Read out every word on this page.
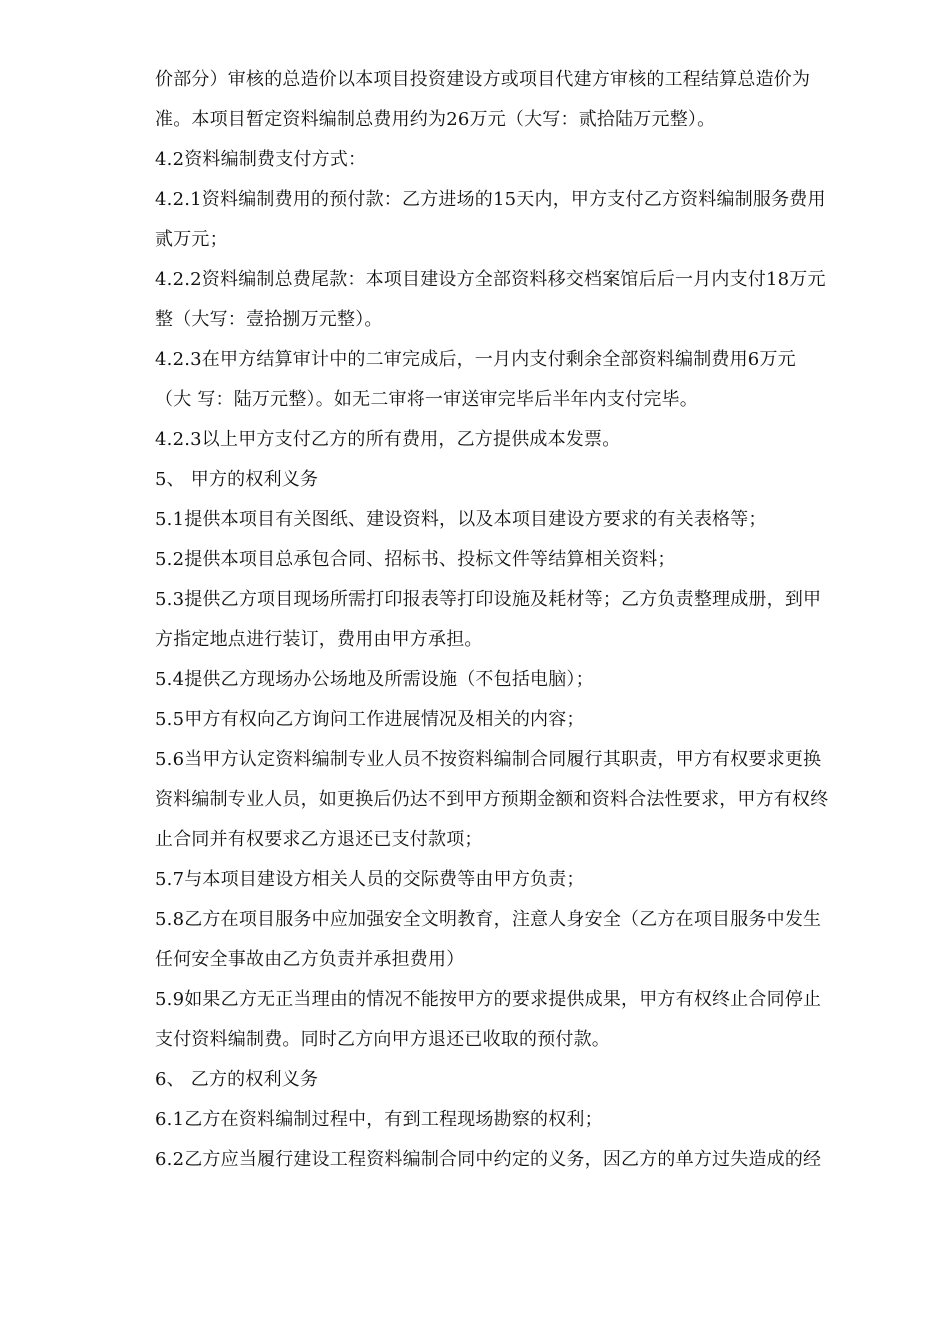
价部分）审核的总造价以本项目投资建设方或项目代建方审核的工程结算总造价为
准。本项目暂定资料编制总费用约为26万元（大写：贰拾陆万元整）。
4.2资料编制费支付方式：
4.2.1资料编制费用的预付款：乙方进场的15天内，甲方支付乙方资料编制服务费用
贰万元；
4.2.2资料编制总费尾款：本项目建设方全部资料移交档案馆后后一月内支付18万元
整（大写：壹拾捌万元整）。
4.2.3在甲方结算审计中的二审完成后，一月内支付剩余全部资料编制费用6万元
（大 写：陆万元整）。如无二审将一审送审完毕后半年内支付完毕。
4.2.3以上甲方支付乙方的所有费用，乙方提供成本发票。
5、 甲方的权利义务
5.1提供本项目有关图纸、建设资料，以及本项目建设方要求的有关表格等；
5.2提供本项目总承包合同、招标书、投标文件等结算相关资料；
5.3提供乙方项目现场所需打印报表等打印设施及耗材等；乙方负责整理成册，到甲
方指定地点进行装订，费用由甲方承担。
5.4提供乙方现场办公场地及所需设施（不包括电脑）；
5.5甲方有权向乙方询问工作进展情况及相关的内容；
5.6当甲方认定资料编制专业人员不按资料编制合同履行其职责，甲方有权要求更换
资料编制专业人员，如更换后仍达不到甲方预期金额和资料合法性要求，甲方有权终
止合同并有权要求乙方退还已支付款项；
5.7与本项目建设方相关人员的交际费等由甲方负责；
5.8乙方在项目服务中应加强安全文明教育，注意人身安全（乙方在项目服务中发生
任何安全事故由乙方负责并承担费用）
5.9如果乙方无正当理由的情况不能按甲方的要求提供成果，甲方有权终止合同停止
支付资料编制费。同时乙方向甲方退还已收取的预付款。
6、 乙方的权利义务
6.1乙方在资料编制过程中，有到工程现场勘察的权利；
6.2乙方应当履行建设工程资料编制合同中约定的义务，因乙方的单方过失造成的经
